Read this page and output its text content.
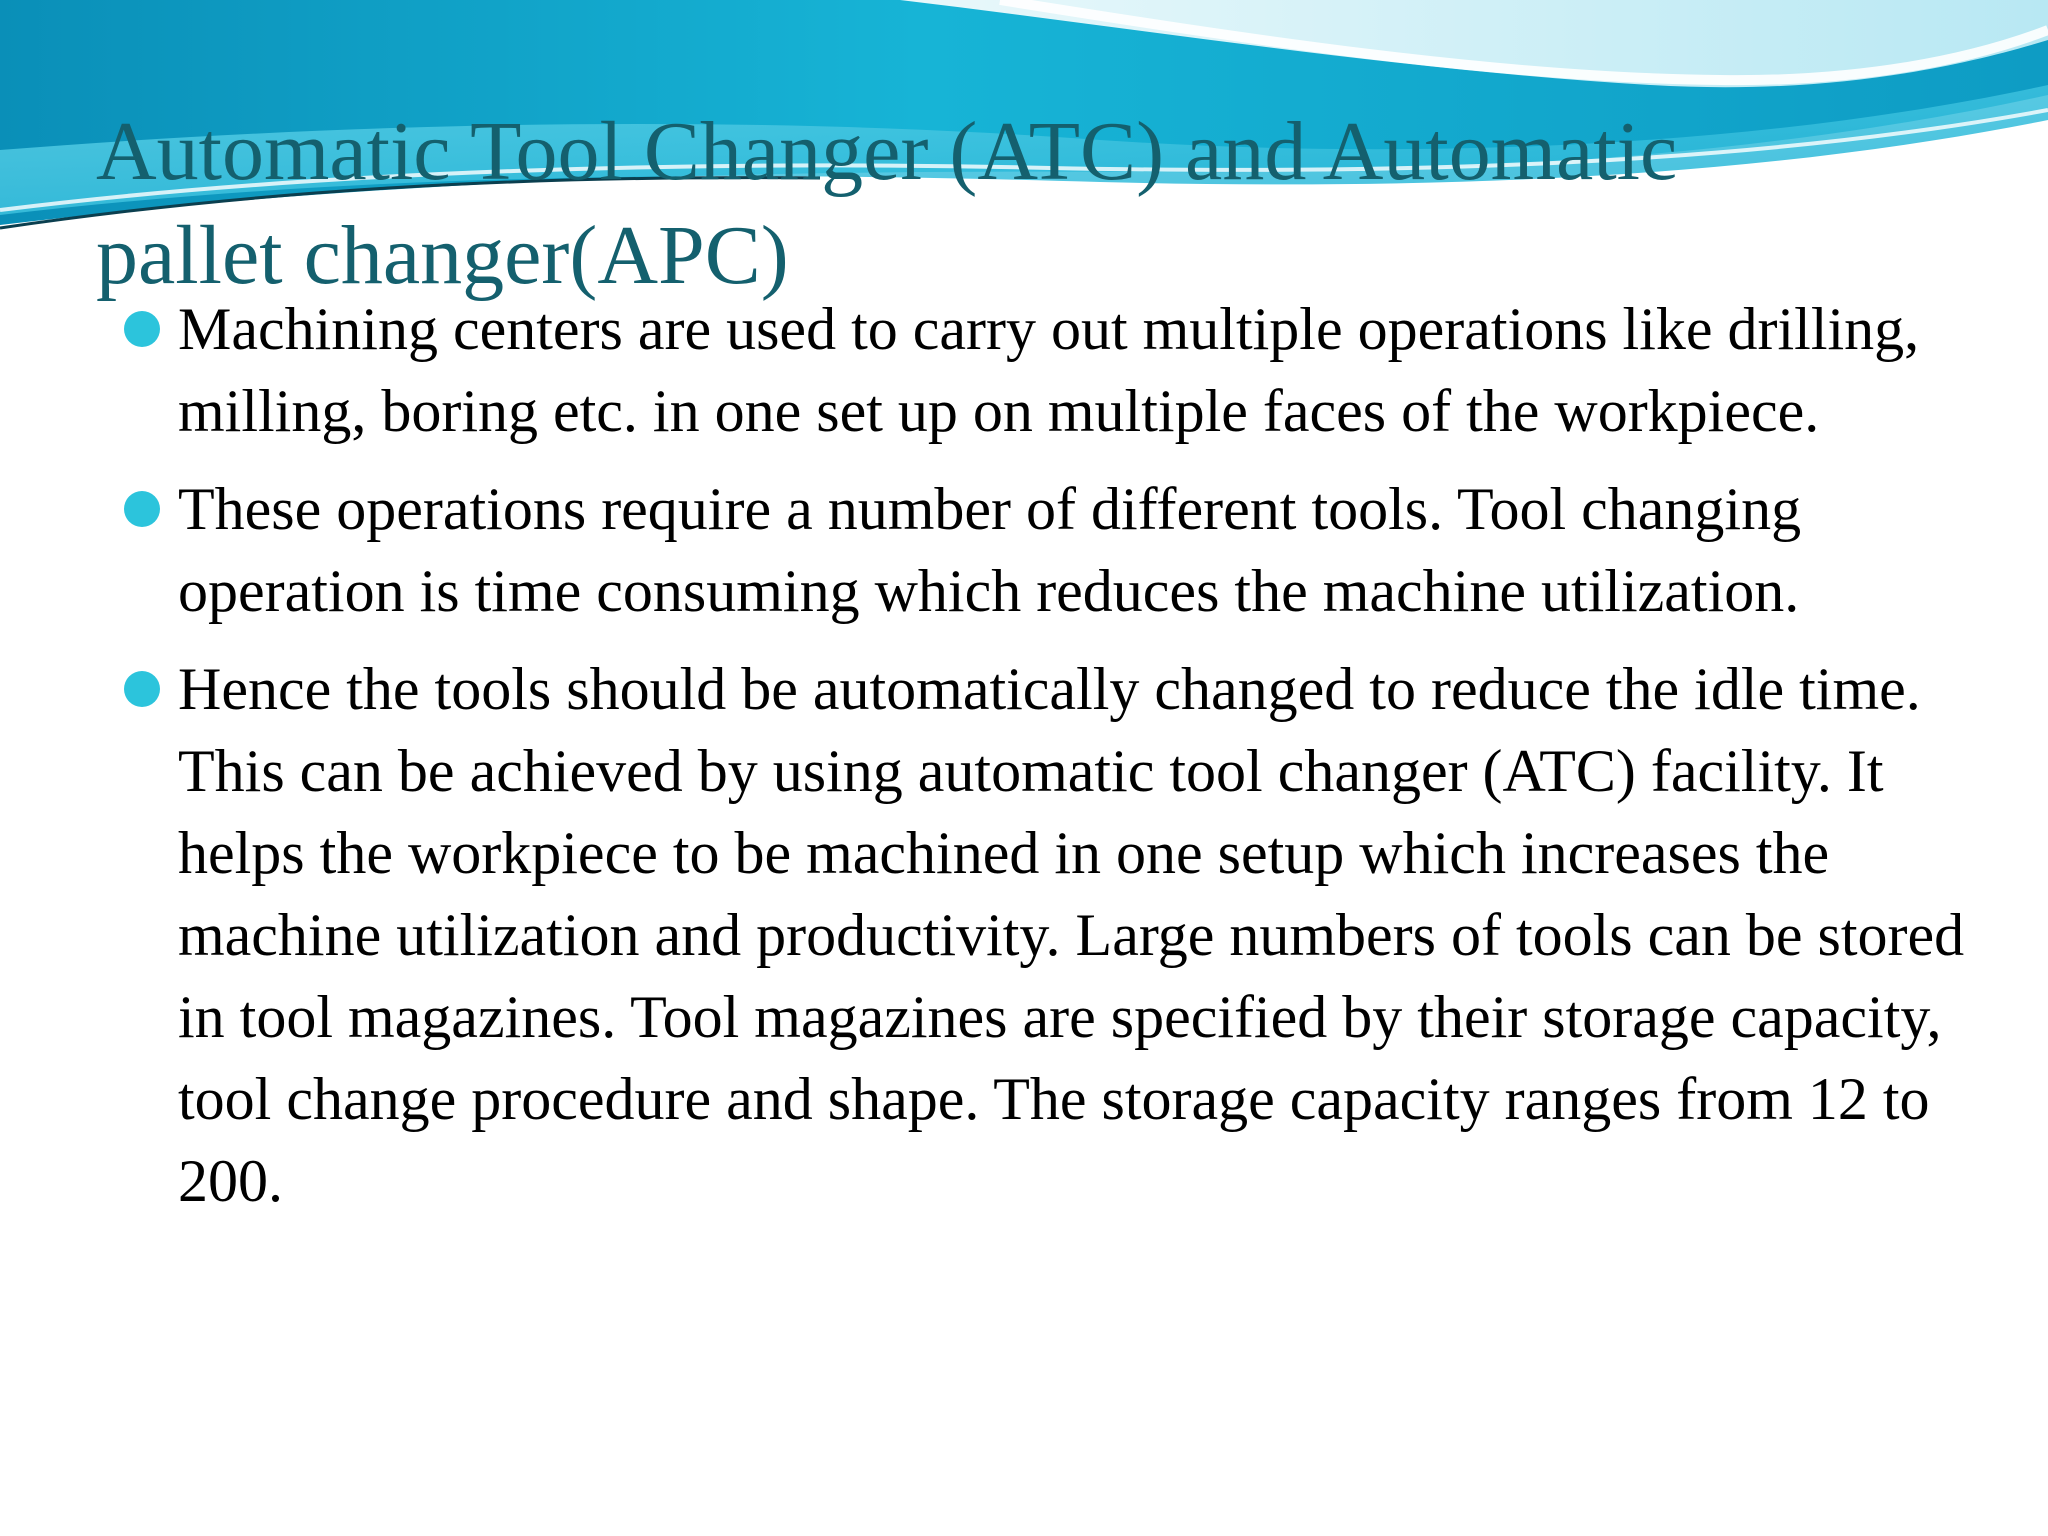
Automatic Tool Changer (ATC) and Automatic
pallet changer(APC)
Machining centers are used to carry out multiple operations like drilling, milling, boring etc. in one set up on multiple faces of the workpiece.
These operations require a number of different tools. Tool changing operation is time consuming which reduces the machine utilization.
Hence the tools should be automatically changed to reduce the idle time. This can be achieved by using automatic tool changer (ATC) facility. It helps the workpiece to be machined in one setup which increases the machine utilization and productivity. Large numbers of tools can be stored in tool magazines. Tool magazines are specified by their storage capacity, tool change procedure and shape. The storage capacity ranges from 12 to 200.
